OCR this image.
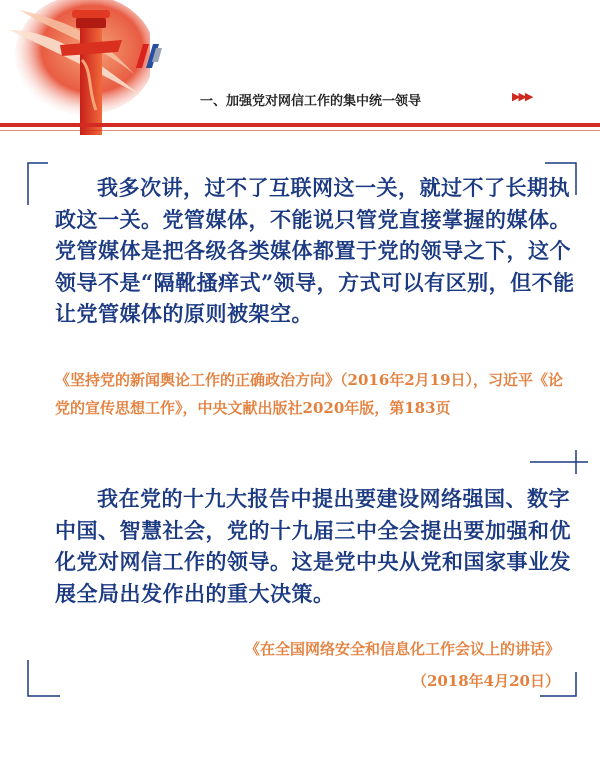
一、加强党对网信工作的集中统一领导	▶▶▶
我多次讲，过不了互联网这一关，就过不了长期执政这一关。党管媒体，不能说只管党直接掌握的媒体。党管媒体是把各级各类媒体都置于党的领导之下，这个领导不是“隔靴搔痒式”领导，方式可以有区别，但不能让党管媒体的原则被架空。
《坚持党的新闻舆论工作的正确政治方向》（2016年2月19日），习近平《论党的宣传思想工作》，中央文献出版社2020年版，第183页
我在党的十九大报告中提出要建设网络强国、数字中国、智慧社会，党的十九届三中全会提出要加强和优化党对网信工作的领导。这是党中央从党和国家事业发展全局出发作出的重大决策。
《在全国网络安全和信息化工作会议上的讲话》
（2018年4月20日）
